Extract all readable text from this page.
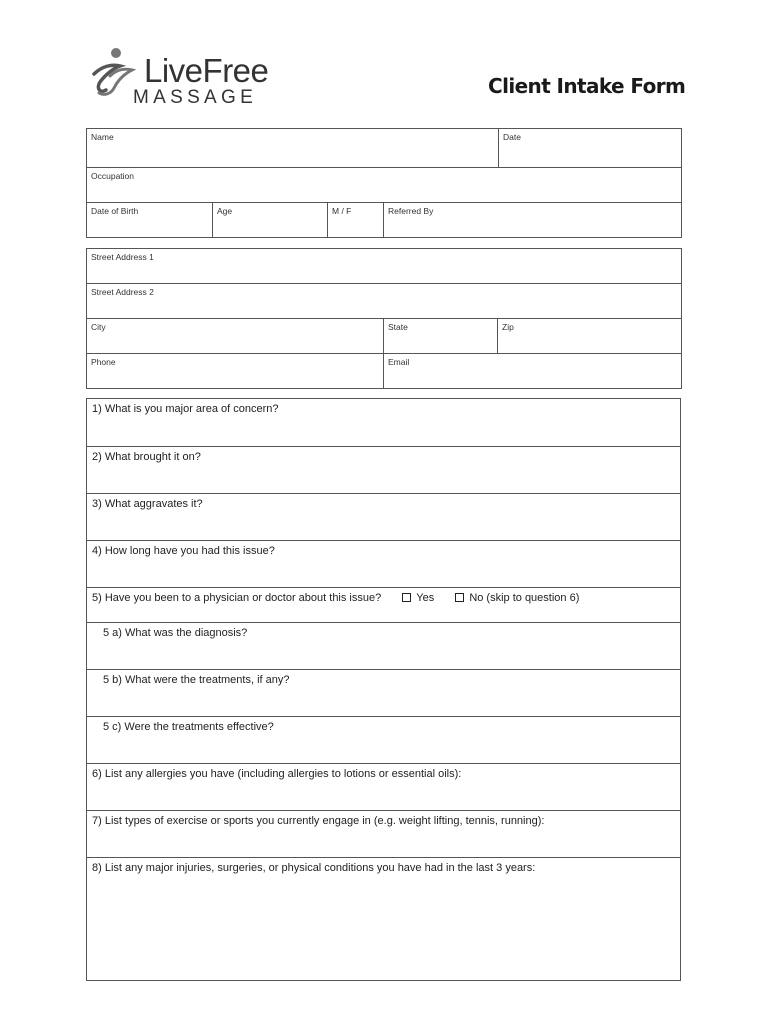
LiveFree
MASSAGE	Client Intake Form
Name				Date
Occupation				
Date of Birth	Age	M / F	Referred By	
Street Address 1		
Street Address 2		
City	State	Zip
Phone	Email	
1) What is you major area of concern?
2) What brought it on?
3) What aggravates it?
4) How long have you had this issue?
5) Have you been to a physician or doctor about this issue?	Yes	No (skip to question 6)
5 a) What was the diagnosis?
5 b) What were the treatments, if any?
5 c) Were the treatments effective?
6) List any allergies you have (including allergies to lotions or essential oils):
7) List types of exercise or sports you currently engage in (e.g. weight lifting, tennis, running):
8) List any major injuries, surgeries, or physical conditions you have had in the last 3 years:
